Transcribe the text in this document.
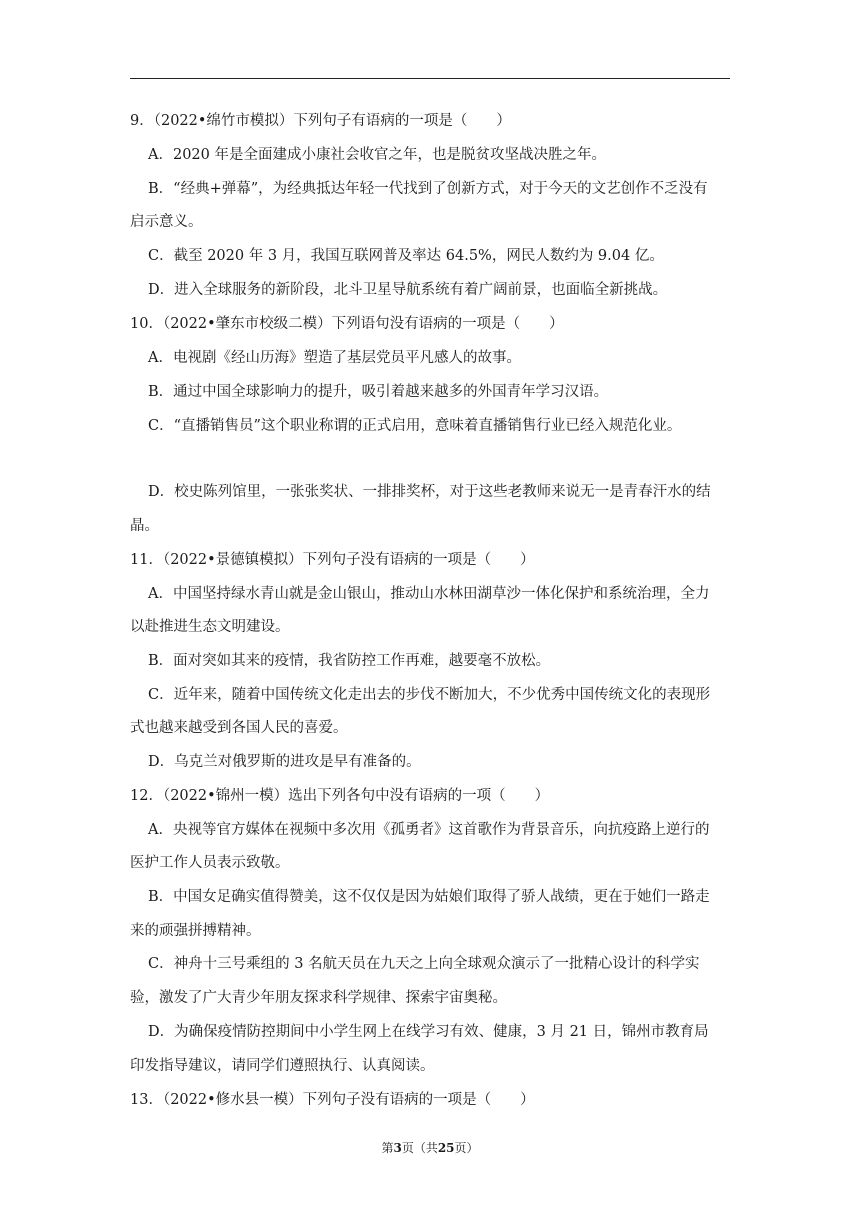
9．（2022•绵竹市模拟）下列句子有语病的一项是（　　）
A．2020 年是全面建成小康社会收官之年，也是脱贫攻坚战决胜之年。
B．“经典+弹幕”，为经典抵达年轻一代找到了创新方式，对于今天的文艺创作不乏没有
启示意义。
C．截至 2020 年 3 月，我国互联网普及率达 64.5%，网民人数约为 9.04 亿。
D．进入全球服务的新阶段，北斗卫星导航系统有着广阔前景，也面临全新挑战。
10．（2022•肇东市校级二模）下列语句没有语病的一项是（　　）
A．电视剧《经山历海》塑造了基层党员平凡感人的故事。
B．通过中国全球影响力的提升，吸引着越来越多的外国青年学习汉语。
C．“直播销售员”这个职业称谓的正式启用，意味着直播销售行业已经入规范化业。
D．校史陈列馆里，一张张奖状、一排排奖杯，对于这些老教师来说无一是青春汗水的结
晶。
11．（2022•景德镇模拟）下列句子没有语病的一项是（　　）
A．中国坚持绿水青山就是金山银山，推动山水林田湖草沙一体化保护和系统治理，全力
以赴推进生态文明建设。
B．面对突如其来的疫情，我省防控工作再难，越要毫不放松。
C．近年来，随着中国传统文化走出去的步伐不断加大，不少优秀中国传统文化的表现形
式也越来越受到各国人民的喜爱。
D．乌克兰对俄罗斯的进攻是早有准备的。
12．（2022•锦州一模）选出下列各句中没有语病的一项（　　）
A．央视等官方媒体在视频中多次用《孤勇者》这首歌作为背景音乐，向抗疫路上逆行的
医护工作人员表示致敬。
B．中国女足确实值得赞美，这不仅仅是因为姑娘们取得了骄人战绩，更在于她们一路走
来的顽强拼搏精神。
C．神舟十三号乘组的 3 名航天员在九天之上向全球观众演示了一批精心设计的科学实
验，激发了广大青少年朋友探求科学规律、探索宇宙奥秘。
D．为确保疫情防控期间中小学生网上在线学习有效、健康，3 月 21 日，锦州市教育局
印发指导建议，请同学们遵照执行、认真阅读。
13．（2022•修水县一模）下列句子没有语病的一项是（　　）
第3页（共25页）
